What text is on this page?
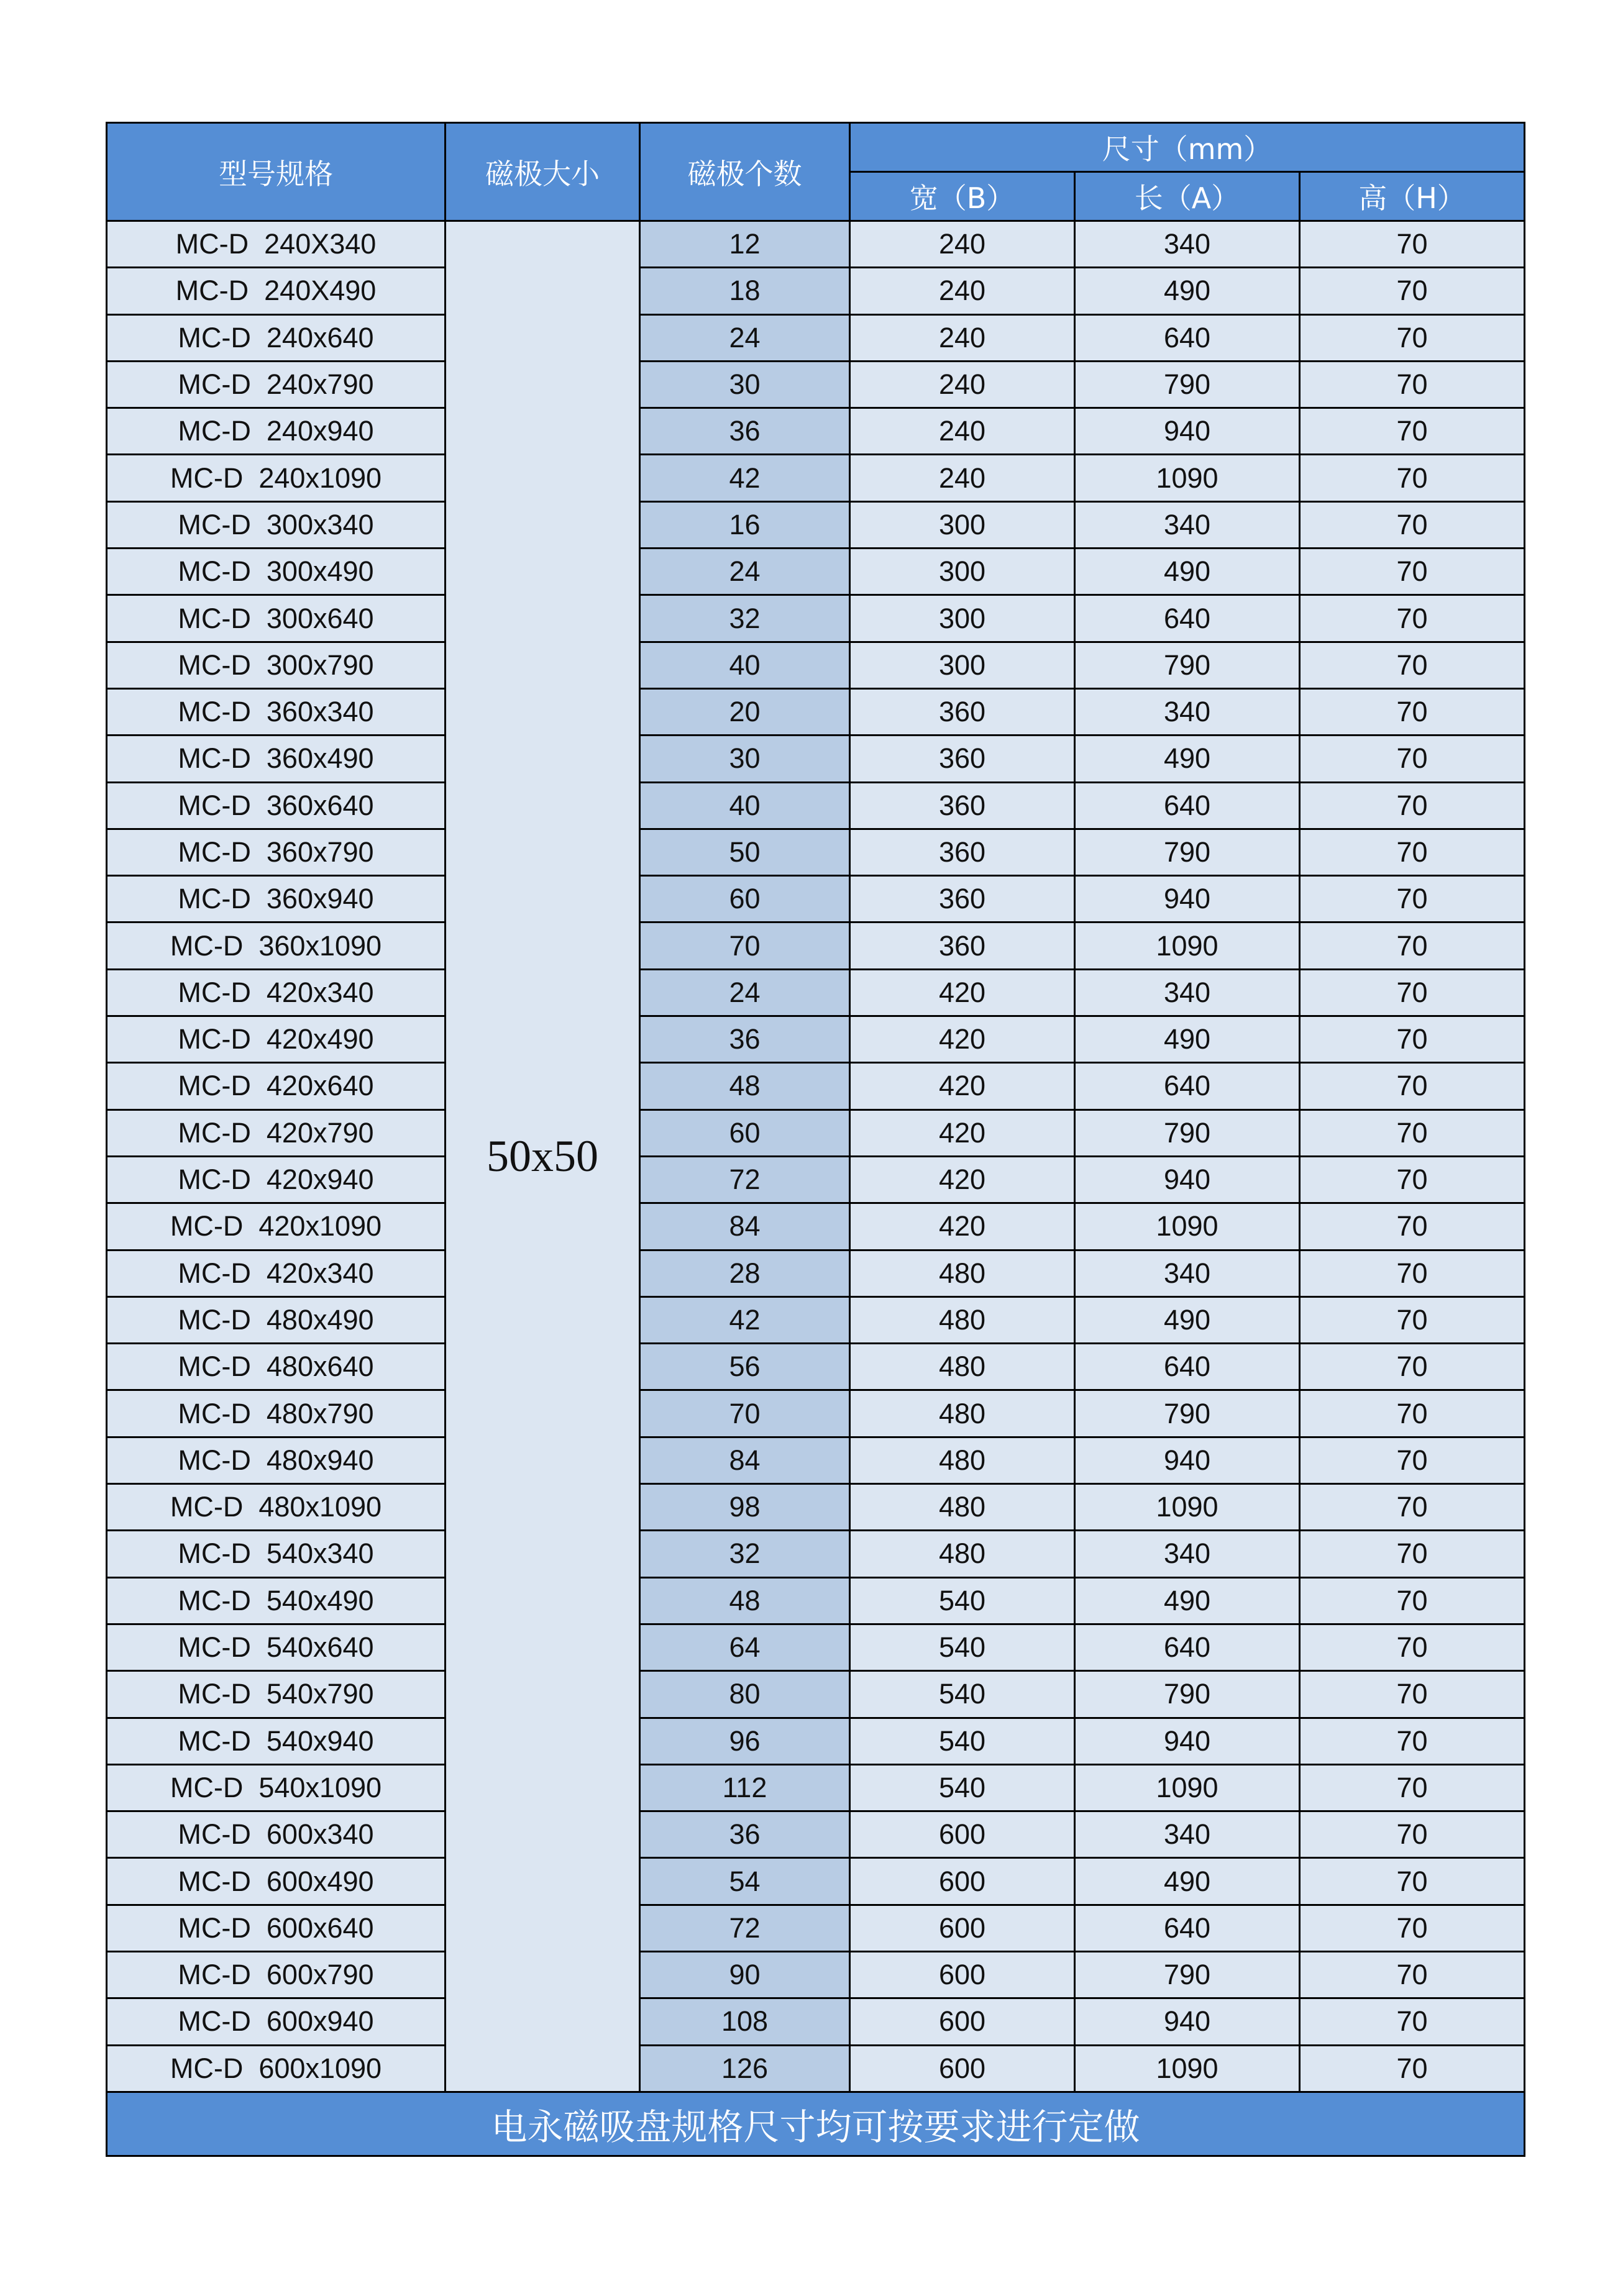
型号规格	磁极大小	磁极个数	尺寸（mm）		
			宽（B）	长（A）	高（H）
MC-D  240X340	50x50	12	240	340	70
MC-D  240X490		18	240	490	70
MC-D  240x640		24	240	640	70
MC-D  240x790		30	240	790	70
MC-D  240x940		36	240	940	70
MC-D  240x1090		42	240	1090	70
MC-D  300x340		16	300	340	70
MC-D  300x490		24	300	490	70
MC-D  300x640		32	300	640	70
MC-D  300x790		40	300	790	70
MC-D  360x340		20	360	340	70
MC-D  360x490		30	360	490	70
MC-D  360x640		40	360	640	70
MC-D  360x790		50	360	790	70
MC-D  360x940		60	360	940	70
MC-D  360x1090		70	360	1090	70
MC-D  420x340		24	420	340	70
MC-D  420x490		36	420	490	70
MC-D  420x640		48	420	640	70
MC-D  420x790		60	420	790	70
MC-D  420x940		72	420	940	70
MC-D  420x1090		84	420	1090	70
MC-D  420x340		28	480	340	70
MC-D  480x490		42	480	490	70
MC-D  480x640		56	480	640	70
MC-D  480x790		70	480	790	70
MC-D  480x940		84	480	940	70
MC-D  480x1090		98	480	1090	70
MC-D  540x340		32	480	340	70
MC-D  540x490		48	540	490	70
MC-D  540x640		64	540	640	70
MC-D  540x790		80	540	790	70
MC-D  540x940		96	540	940	70
MC-D  540x1090		112	540	1090	70
MC-D  600x340		36	600	340	70
MC-D  600x490		54	600	490	70
MC-D  600x640		72	600	640	70
MC-D  600x790		90	600	790	70
MC-D  600x940		108	600	940	70
MC-D  600x1090		126	600	1090	70
电永磁吸盘规格尺寸均可按要求进行定做					
